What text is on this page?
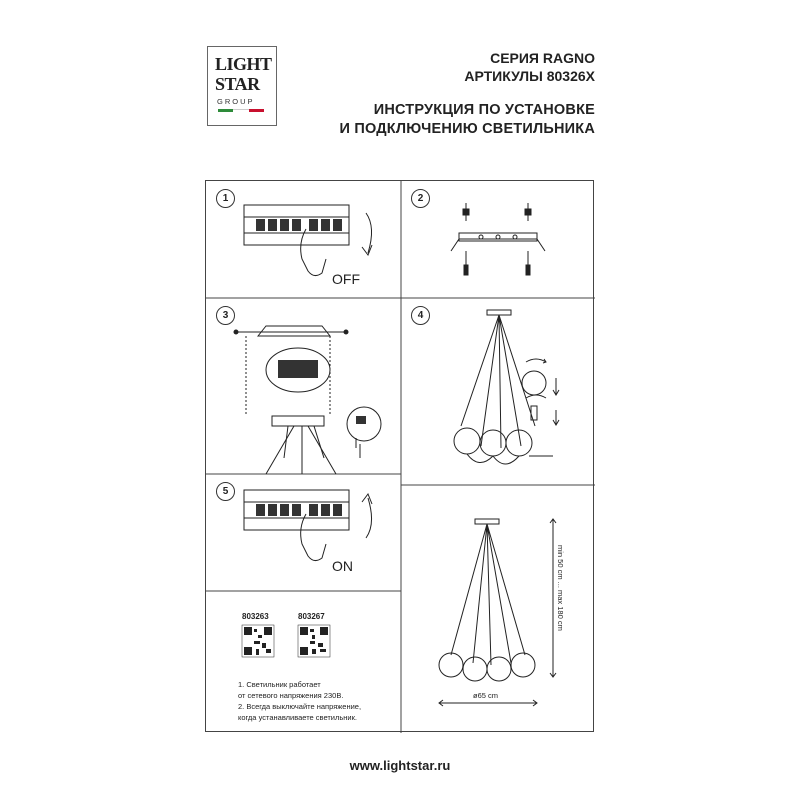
LIGHT
STAR
GROUP
СЕРИЯ RAGNO
АРТИКУЛЫ 80326X
ИНСТРУКЦИЯ ПО УСТАНОВКЕ
И ПОДКЛЮЧЕНИЮ СВЕТИЛЬНИКА
1
OFF
2
3	4
5
ON	min 50 cm ... max 180 cm
ø65 cm
803263	803267
1. Светильник работает
от сетевого напряжения 230В.
2. Всегда выключайте напряжение,
когда устанавливаете светильник.
www.lightstar.ru
